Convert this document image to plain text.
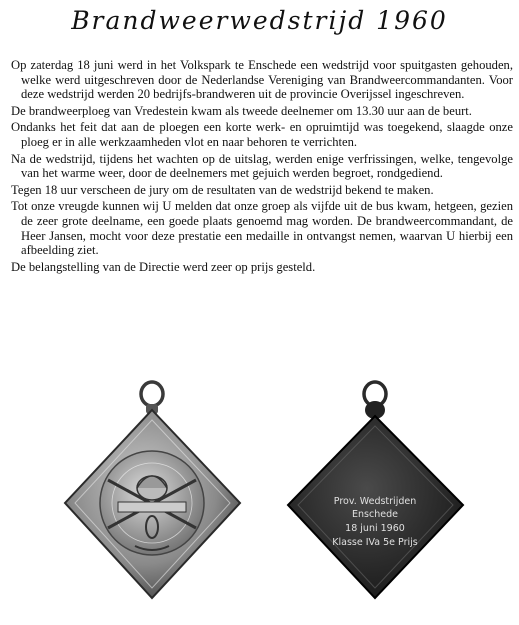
Brandweerwedstrijd 1960

Op zaterdag 18 juni werd in het Volkspark te Enschede een wedstrijd voor spuitgasten gehouden, welke werd uitgeschreven door de Nederlandse Vereniging van Brandweercommandanten. Voor deze wedstrijd werden 20 bedrijfs-brandweren uit de provincie Overijssel ingeschreven.

De brandweerploeg van Vredestein kwam als tweede deelnemer om 13.30 uur aan de beurt.

Ondanks het feit dat aan de ploegen een korte werk- en opruimtijd was toegekend, slaagde onze ploeg er in alle werkzaamheden vlot en naar behoren te verrichten.

Na de wedstrijd, tijdens het wachten op de uitslag, werden enige verfrissingen, welke, tengevolge van het warme weer, door de deelnemers met gejuich werden begroet, rondgediend.

Tegen 18 uur verscheen de jury om de resultaten van de wedstrijd bekend te maken.

Tot onze vreugde kunnen wij U melden dat onze groep als vijfde uit de bus kwam, hetgeen, gezien de zeer grote deelname, een goede plaats genoemd mag worden. De brandweercommandant, de Heer Jansen, mocht voor deze prestatie een medaille in ontvangst nemen, waarvan U hierbij een afbeelding ziet.

De belangstelling van de Directie werd zeer op prijs gesteld.

Prov. Wedstrijden
Enschede
18 juni 1960
Klasse IVa 5e Prijs
